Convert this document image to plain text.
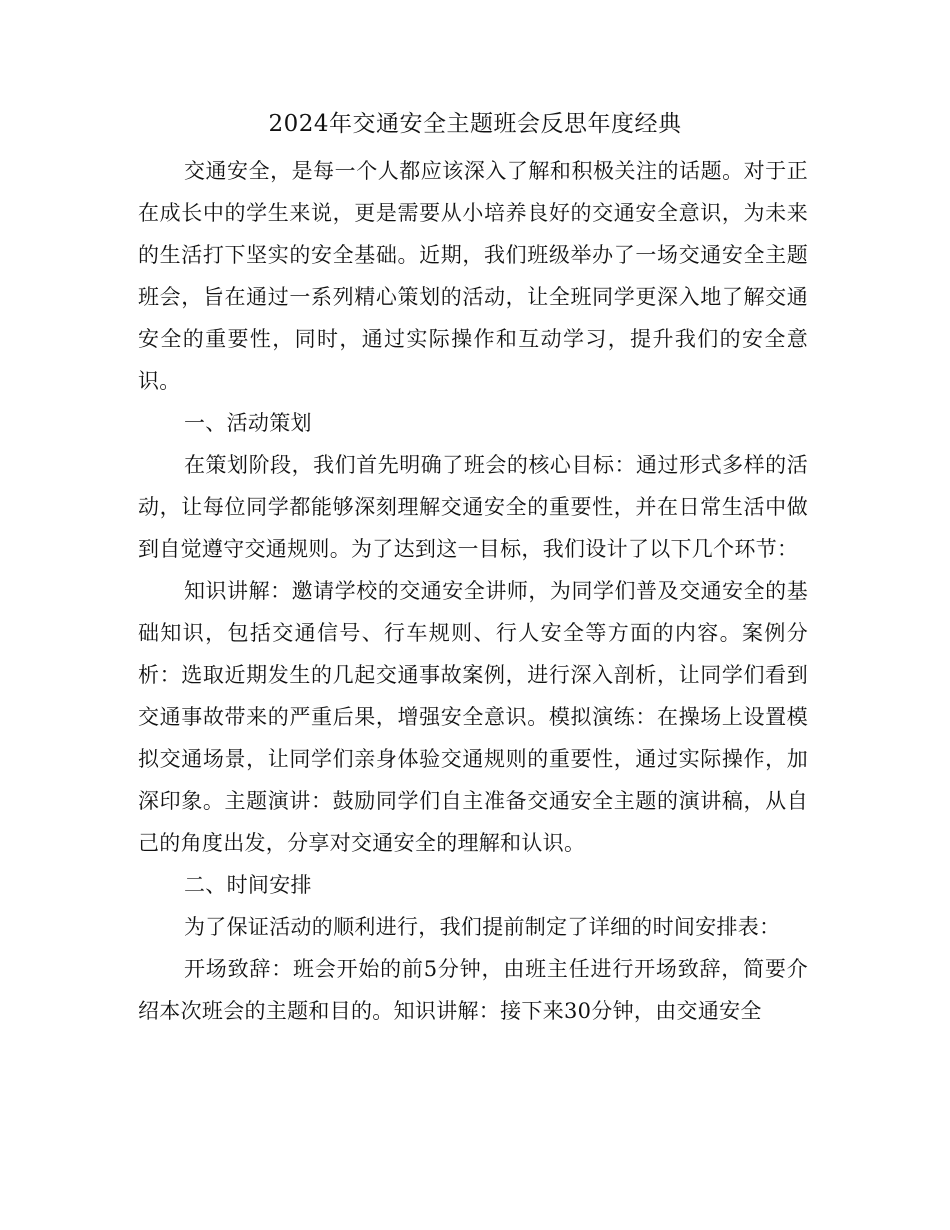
2024年交通安全主题班会反思年度经典

交通安全，是每一个人都应该深入了解和积极关注的话题。对于正在成长中的学生来说，更是需要从小培养良好的交通安全意识，为未来的生活打下坚实的安全基础。近期，我们班级举办了一场交通安全主题班会，旨在通过一系列精心策划的活动，让全班同学更深入地了解交通安全的重要性，同时，通过实际操作和互动学习，提升我们的安全意识。

一、活动策划

在策划阶段，我们首先明确了班会的核心目标：通过形式多样的活动，让每位同学都能够深刻理解交通安全的重要性，并在日常生活中做到自觉遵守交通规则。为了达到这一目标，我们设计了以下几个环节：

知识讲解：邀请学校的交通安全讲师，为同学们普及交通安全的基础知识，包括交通信号、行车规则、行人安全等方面的内容。案例分析：选取近期发生的几起交通事故案例，进行深入剖析，让同学们看到交通事故带来的严重后果，增强安全意识。模拟演练：在操场上设置模拟交通场景，让同学们亲身体验交通规则的重要性，通过实际操作，加深印象。主题演讲：鼓励同学们自主准备交通安全主题的演讲稿，从自己的角度出发，分享对交通安全的理解和认识。

二、时间安排

为了保证活动的顺利进行，我们提前制定了详细的时间安排表：

开场致辞：班会开始的前5分钟，由班主任进行开场致辞，简要介绍本次班会的主题和目的。知识讲解：接下来30分钟，由交通安全
